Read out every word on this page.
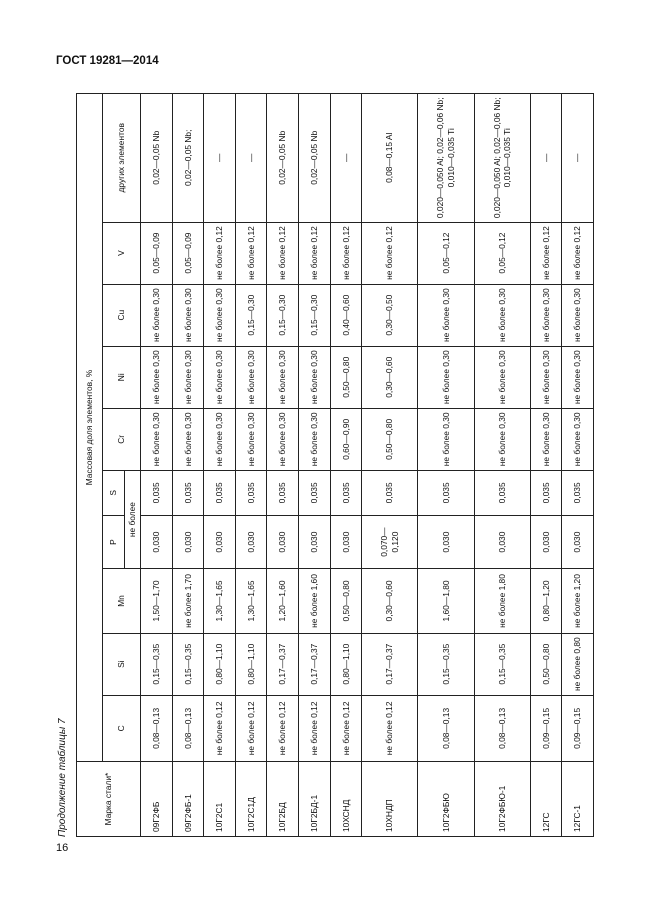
ГОСТ 19281—2014
Продолжение таблицы 7	Марка стали*	Массовая доля элементов, %									
	C	Si	Mn	P	S	Cr	Ni	Cu	V	других элементов
				не более						
09Г2ФБ	0,08—0,13	0,15—0,35	1,50—1,70	0,030	0,035	не более 0,30	не более 0,30	не более 0,30	0,05—0,09	0,02—0,05 Nb
09Г2ФБ-1	0,08—0,13	0,15—0,35	не более 1,70	0,030	0,035	не более 0,30	не более 0,30	не более 0,30	0,05—0,09	0,02—0,05 Nb;
10Г2С1	не более 0,12	0,80—1,10	1,30—1,65	0,030	0,035	не более 0,30	не более 0,30	не более 0,30	не более 0,12	—
10Г2С1Д	не более 0,12	0,80—1,10	1,30—1,65	0,030	0,035	не более 0,30	не более 0,30	0,15—0,30	не более 0,12	—
10Г2БД	не более 0,12	0,17—0,37	1,20—1,60	0,030	0,035	не более 0,30	не более 0,30	0,15—0,30	не более 0,12	0,02—0,05 Nb
10Г2БД-1	не более 0,12	0,17—0,37	не более 1,60	0,030	0,035	не более 0,30	не более 0,30	0,15—0,30	не более 0,12	0,02—0,05 Nb
10ХСНД	не более 0,12	0,80—1,10	0,50—0,80	0,030	0,035	0,60—0,90	0,50—0,80	0,40—0,60	не более 0,12	—
10ХНДП	не более 0,12	0,17—0,37	0,30—0,60	0,070—0,120	0,035	0,50—0,80	0,30—0,60	0,30—0,50	не более 0,12	0,08—0,15 Al
10Г2ФБЮ	0,08—0,13	0,15—0,35	1,60—1,80	0,030	0,035	не более 0,30	не более 0,30	не более 0,30	0,05—0,12	0,020—0,050 Al; 0,02—0,06 Nb; 0,010—0,035 Ti
10Г2ФБЮ-1	0,08—0,13	0,15—0,35	не более 1,80	0,030	0,035	не более 0,30	не более 0,30	не более 0,30	0,05—0,12	0,020—0,050 Al; 0,02—0,06 Nb; 0,010—0,035 Ti
12ГС	0,09—0,15	0,50—0,80	0,80—1,20	0,030	0,035	не более 0,30	не более 0,30	не более 0,30	не более 0,12	—
12ГС-1	0,09—0,15	не более 0,80	не более 1,20	0,030	0,035	не более 0,30	не более 0,30	не более 0,30	не более 0,12	—
16
